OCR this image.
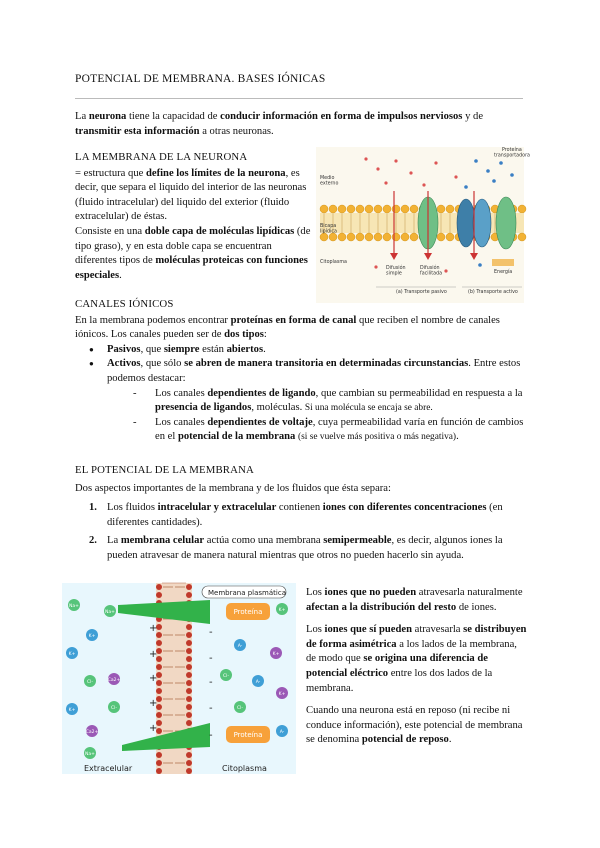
POTENCIAL DE MEMBRANA. BASES IÓNICAS
La neurona tiene la capacidad de conducir información en forma de impulsos nerviosos y de transmitir esta información a otras neuronas.
LA MEMBRANA DE LA NEURONA
= estructura que define los límites de la neurona, es decir, que separa el liquido del interior de las neuronas (fluido intracelular) del liquido del exterior (fluido extracelular) de éstas.
Consiste en una doble capa de moléculas lipídicas (de tipo graso), y en esta doble capa se encuentran diferentes tipos de moléculas proteicas con funciones especiales.
Proteína transportadora
Medio externo
Bicapa lipídica
Citoplasma
Difusión simple
Difusión facilitada	Energía
(a) Transporte pasivo	(b) Transporte activo
CANALES IÓNICOS
En la membrana podemos encontrar proteínas en forma de canal que reciben el nombre de canales iónicos. Los canales pueden ser de dos tipos:
● Pasivos, que siempre están abiertos.
● Activos, que sólo se abren de manera transitoria en determinadas circunstancias. Entre estos podemos destacar:
- Los canales dependientes de ligando, que cambian su permeabilidad en respuesta a la presencia de ligandos, moléculas. Si una molécula se encaja se abre.
- Los canales dependientes de voltaje, cuya permeabilidad varía en función de cambios en el potencial de la membrana (si se vuelve más positiva o más negativa).
EL POTENCIAL DE LA MEMBRANA
Dos aspectos importantes de la membrana y de los fluidos que ésta separa:
1. Los fluidos intracelular y extracelular contienen iones con diferentes concentraciones (en diferentes cantidades).
2. La membrana celular actúa como una membrana semipermeable, es decir, algunos iones la pueden atravesar de manera natural mientras que otros no pueden hacerlo sin ayuda.
+
+
+
+
+
-
-
-
-
-
Na+
K+
Na+
K+
Cl-	Ca2+
K+	Cl-
Ca2+
Na+
K+
A-
K+
Cl-
A-
K+
Cl-
A-
Membrana plasmática
Proteína
Proteína
Extracelular	Citoplasma

Los iones que no pueden atravesarla naturalmente afectan a la distribución del resto de iones.

Los iones que sí pueden atravesarla se distribuyen de forma asimétrica a los lados de la membrana, de modo que se origina una diferencia de potencial eléctrico entre los dos lados de la membrana.

Cuando una neurona está en reposo (ni recibe ni conduce información), este potencial de membrana se denomina potencial de reposo.
